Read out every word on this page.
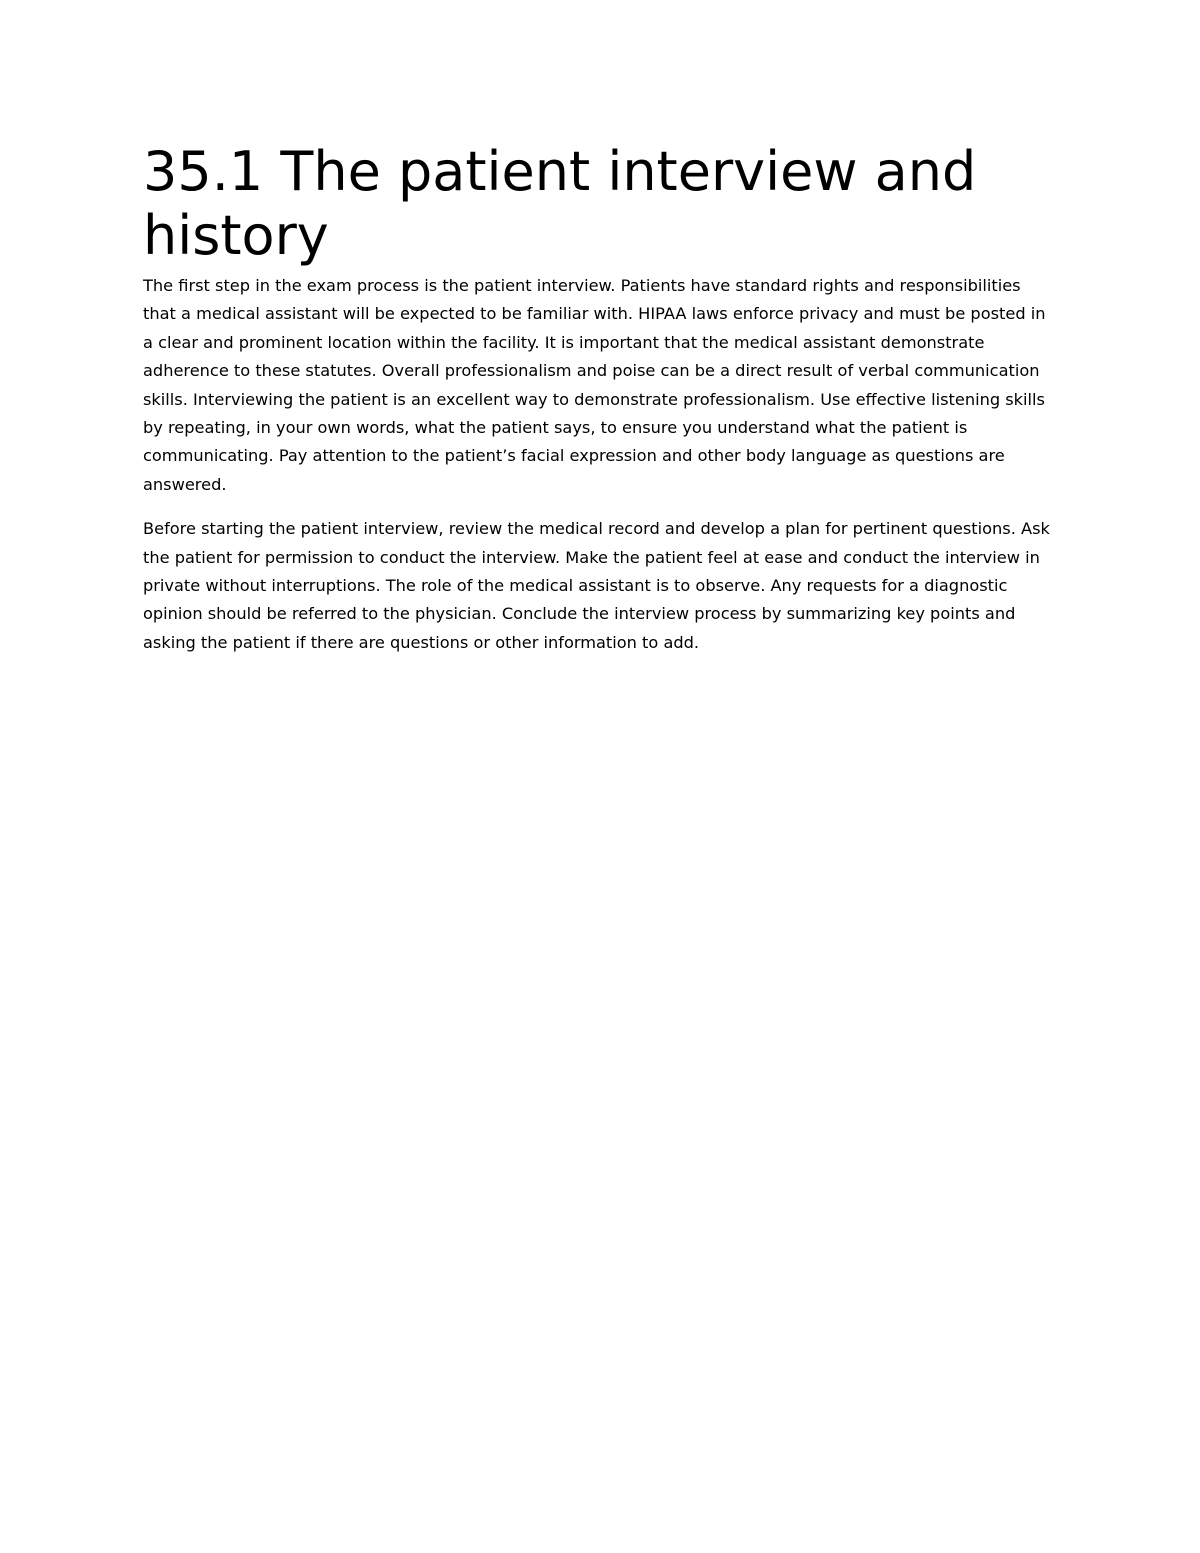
35.1 The patient interview and history

The first step in the exam process is the patient interview. Patients have standard rights and responsibilities that a medical assistant will be expected to be familiar with. HIPAA laws enforce privacy and must be posted in a clear and prominent location within the facility. It is important that the medical assistant demonstrate adherence to these statutes. Overall professionalism and poise can be a direct result of verbal communication skills. Interviewing the patient is an excellent way to demonstrate professionalism. Use effective listening skills by repeating, in your own words, what the patient says, to ensure you understand what the patient is communicating. Pay attention to the patient’s facial expression and other body language as questions are answered.

Before starting the patient interview, review the medical record and develop a plan for pertinent questions. Ask the patient for permission to conduct the interview. Make the patient feel at ease and conduct the interview in private without interruptions. The role of the medical assistant is to observe. Any requests for a diagnostic opinion should be referred to the physician. Conclude the interview process by summarizing key points and asking the patient if there are questions or other information to add.
